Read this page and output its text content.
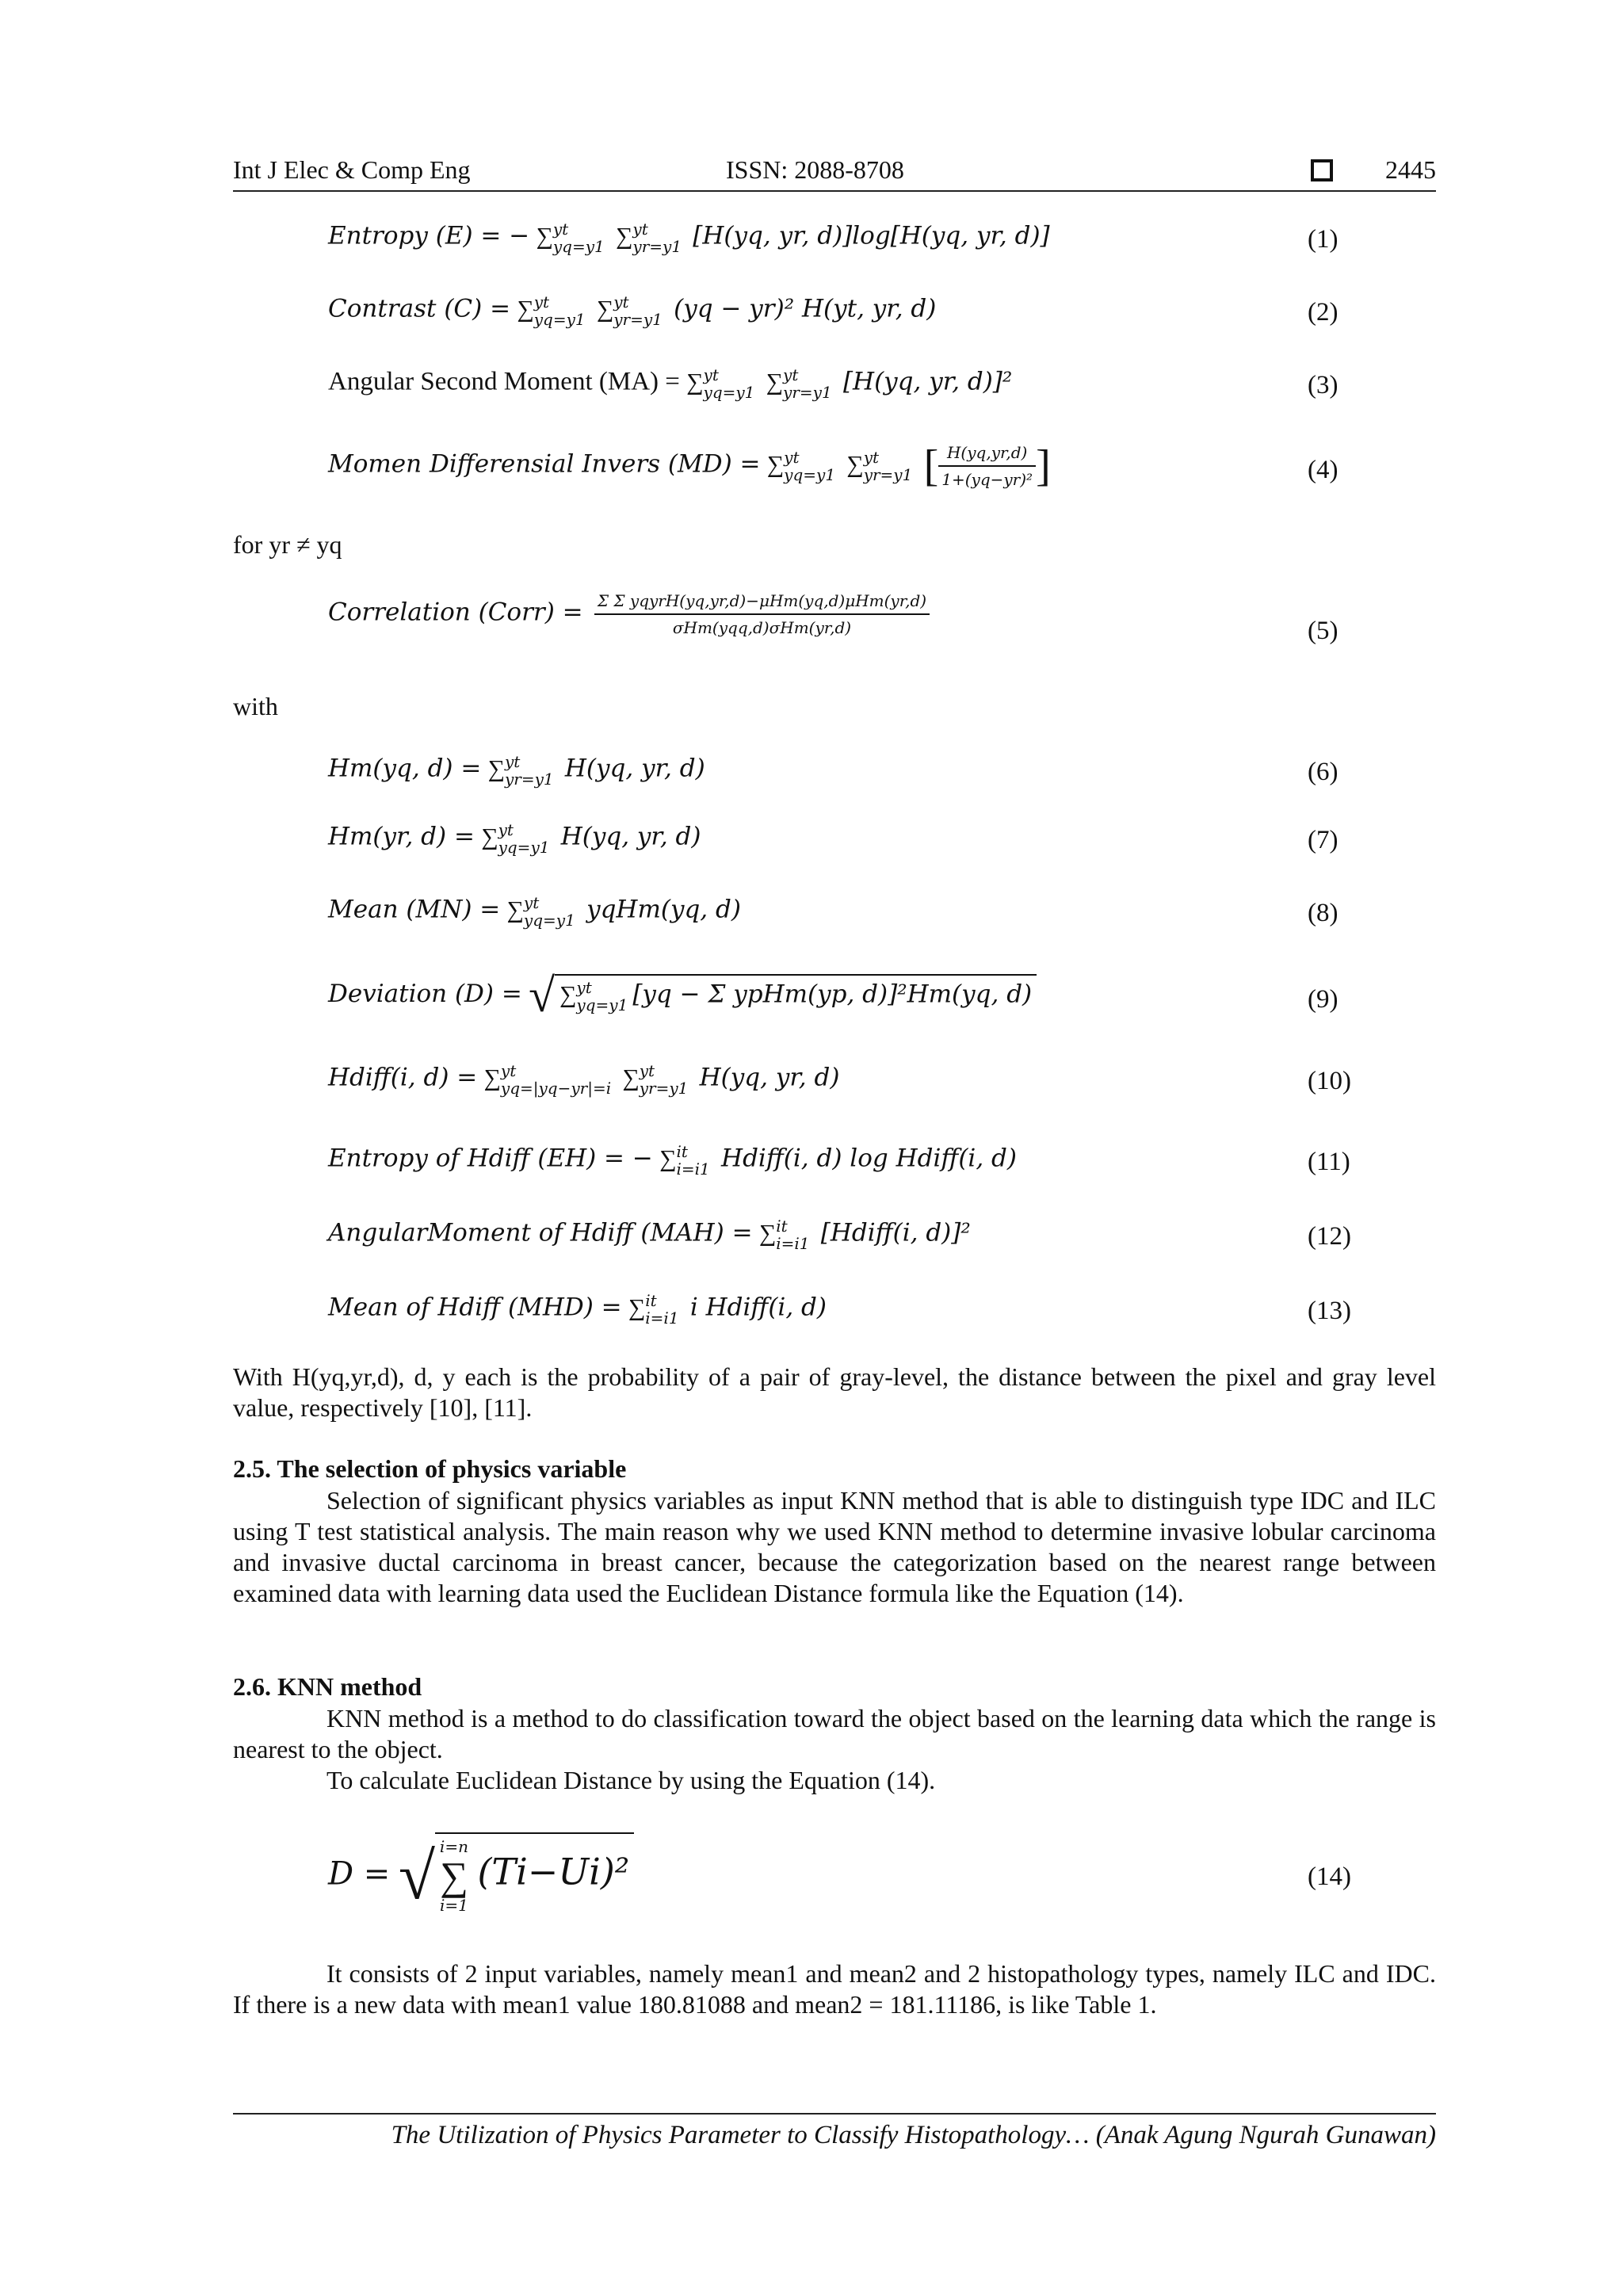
Int J Elec & Comp Eng	ISSN: 2088-8708	2445
Entropy (E) = − ∑ yt
yq=y1 ∑ yt
yr=y1 [H(yq, yr, d)]log[H(yq, yr, d)]	(1)
Contrast (C) = ∑ yt
yq=y1 ∑ yt
yr=y1 (yq − yr)² H(yt, yr, d)	(2)
Angular Second Moment (MA) = ∑ yt
yq=y1 ∑ yt
yr=y1 [H(yq, yr, d)]²	(3)
Momen Differensial Invers (MD) = ∑ yt
yq=y1 ∑ yt
yr=y1 [ $\frac{H(yq,yr,d)}{\text{1+(yq−yr)²}}$ ]	(4)
for yr ≠ yq
Correlation (Corr) = $\frac{\text{Σ Σ yqyrH(yq,yr,d)−μHm(yq,d)μHm(yr,d)}}{\text{σHm(yqq,d)σHm(yr,d)}}$	(5)
with
Hm(yq, d) = ∑ yt
yr=y1 H(yq, yr, d)	(6)
Hm(yr, d) = ∑ yt
yq=y1 H(yq, yr, d)	(7)
Mean (MN) = ∑ yt
yq=y1 yqHm(yq, d)	(8)
Deviation (D) = √ ∑ yt
yq=y1 [yq − Σ ypHm(yp, d)]²Hm(yq, d)	(9)
Hdiff(i, d) = ∑ yt
yq=|yq−yr|=i ∑ yt
yr=y1 H(yq, yr, d)	(10)
Entropy of Hdiff (EH) = − ∑ it
i=i1 Hdiff(i, d) log Hdiff(i, d)	(11)
AngularMoment of Hdiff (MAH) = ∑ it
i=i1 [Hdiff(i, d)]²	(12)
Mean of Hdiff (MHD) = ∑ it
i=i1 i Hdiff(i, d)	(13)
With H(yq,yr,d), d, y each is the probability of a pair of gray-level, the distance between the pixel and gray level value, respectively [10], [11].
2.5. The selection of physics variable
Selection of significant physics variables as input KNN method that is able to distinguish type IDC and ILC using T test statistical analysis. The main reason why we used KNN method to determine invasive lobular carcinoma and invasive ductal carcinoma in breast cancer, because the categorization based on the nearest range between examined data with learning data used the Euclidean Distance formula like the Equation (14).
2.6. KNN method
KNN method is a method to do classification toward the object based on the learning data which the range is nearest to the object.
To calculate Euclidean Distance by using the Equation (14).
D = √ i=n
∑
i=1
(Ti−Ui)²	(14)
It consists of 2 input variables, namely mean1 and mean2 and 2 histopathology types, namely ILC and IDC. If there is a new data with mean1 value 180.81088 and mean2 = 181.11186, is like Table 1.
The Utilization of Physics Parameter to Classify Histopathology… (Anak Agung Ngurah Gunawan)
